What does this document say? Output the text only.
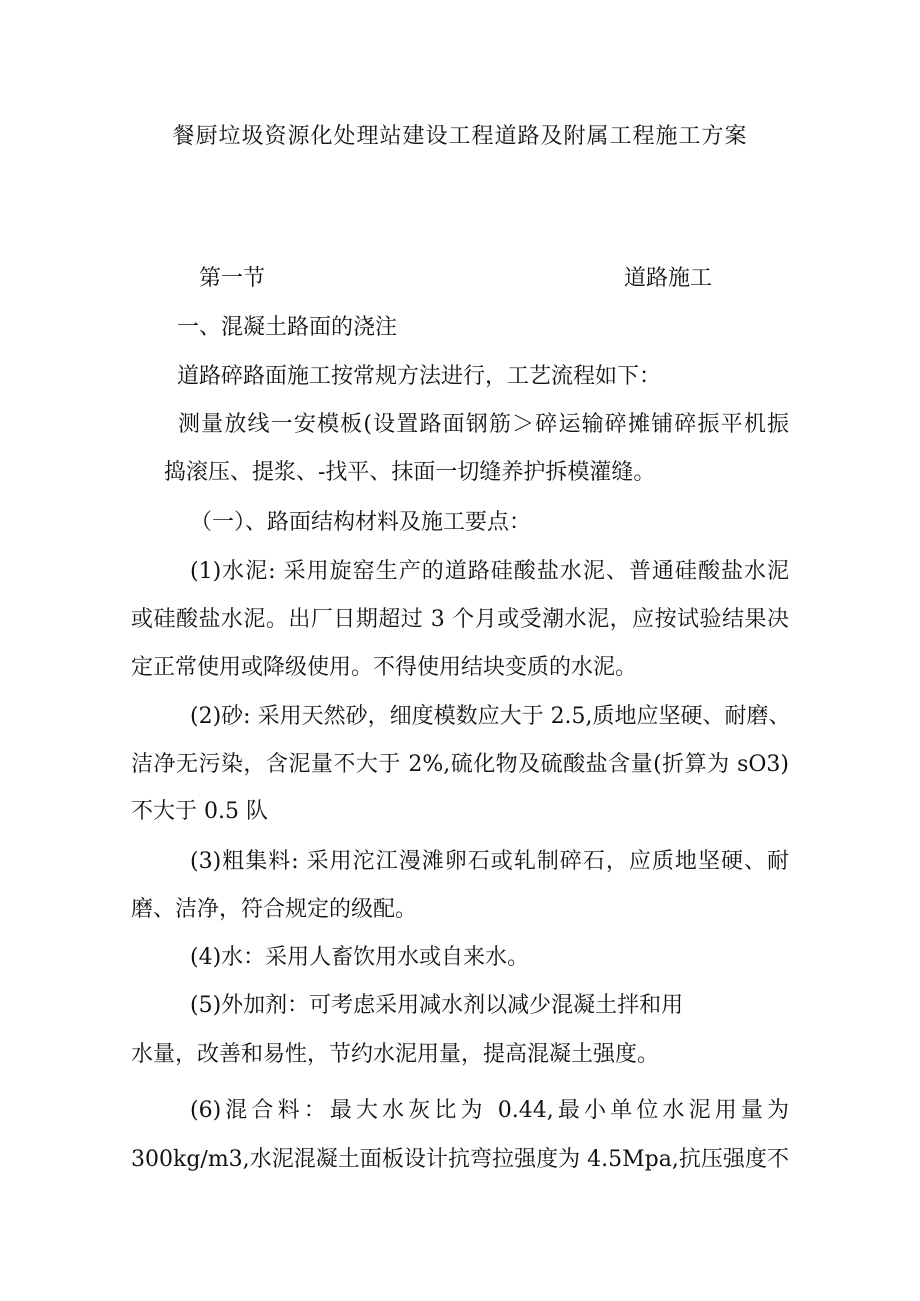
餐厨垃圾资源化处理站建设工程道路及附属工程施工方案
第一节	道路施工
一、混凝土路面的浇注
道路碎路面施工按常规方法进行，工艺流程如下：
测量放线一安模板(设置路面钢筋＞碎运输碎摊铺碎振平机振
捣滚压、提浆、-找平、抹面一切缝养护拆模灌缝。
（一）、路面结构材料及施工要点：
(1)水泥: 采用旋窑生产的道路硅酸盐水泥、普通硅酸盐水泥
或硅酸盐水泥。出厂日期超过 3 个月或受潮水泥，应按试验结果决
定正常使用或降级使用。不得使用结块变质的水泥。
(2)砂: 采用天然砂，细度模数应大于 2.5,质地应坚硬、耐磨、
洁净无污染，含泥量不大于 2%,硫化物及硫酸盐含量(折算为 sO3)
不大于 0.5 队
(3)粗集料: 采用沱江漫滩卵石或轧制碎石，应质地坚硬、耐
磨、洁净，符合规定的级配。
(4)水：采用人畜饮用水或自来水。
(5)外加剂：可考虑采用减水剂以减少混凝土拌和用
水量，改善和易性，节约水泥用量，提高混凝土强度。
(6)混合料：最大水灰比为 0.44,最小单位水泥用量为
300kg∕m3,水泥混凝土面板设计抗弯拉强度为 4.5Mpa,抗压强度不
